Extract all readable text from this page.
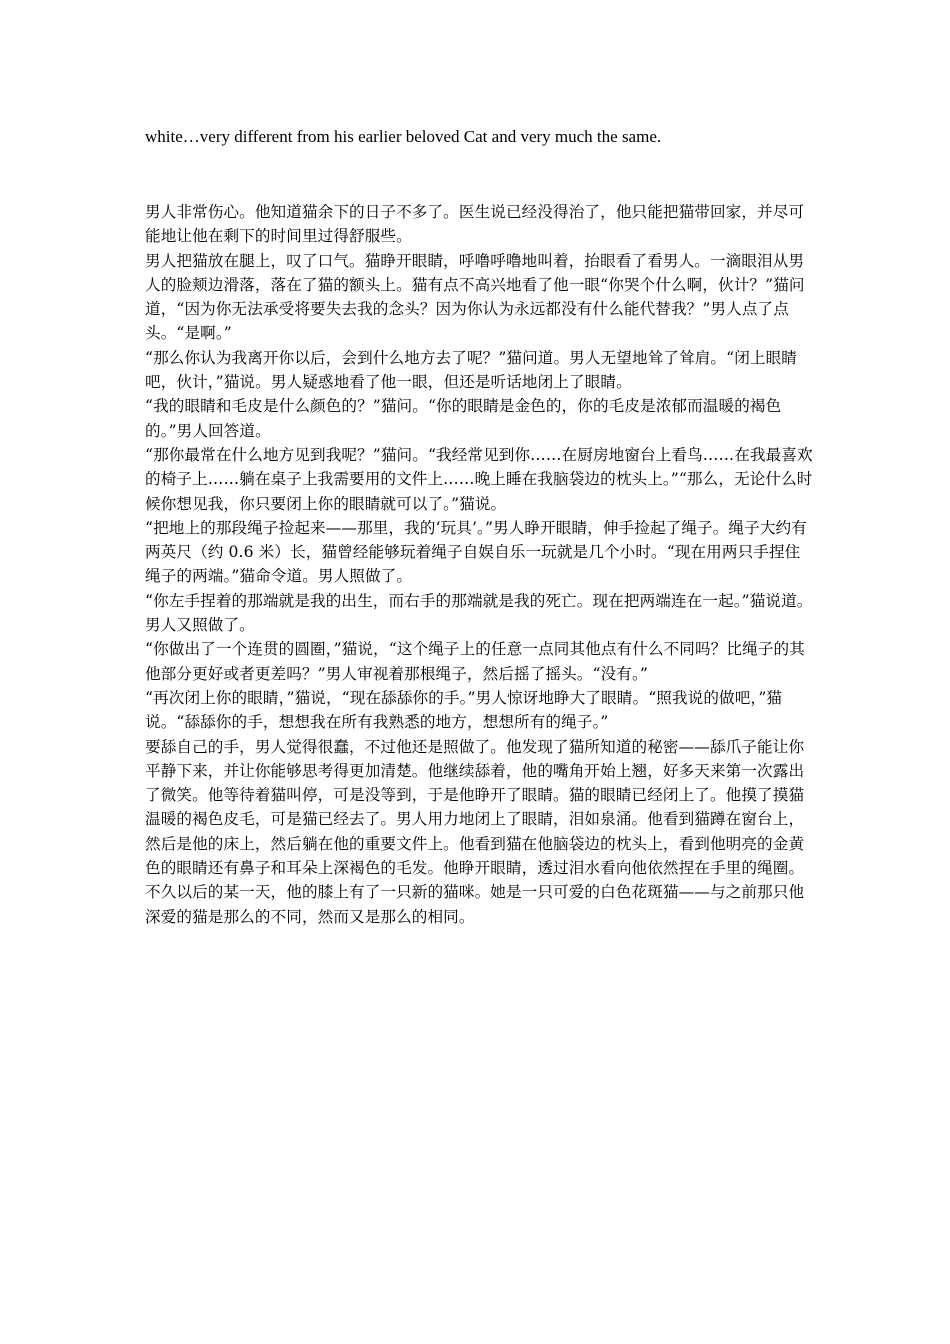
white…very different from his earlier beloved Cat and very much the same.

男人非常伤心。他知道猫余下的日子不多了。医生说已经没得治了，他只能把猫带回家，并尽可能地让他在剩下的时间里过得舒服些。

男人把猫放在腿上，叹了口气。猫睁开眼睛，呼噜呼噜地叫着，抬眼看了看男人。一滴眼泪从男人的脸颊边滑落，落在了猫的额头上。猫有点不高兴地看了他一眼“你哭个什么啊，伙计？”猫问道，“因为你无法承受将要失去我的念头？因为你认为永远都没有什么能代替我？”男人点了点头。“是啊。”

“那么你认为我离开你以后，会到什么地方去了呢？”猫问道。男人无望地耸了耸肩。“闭上眼睛吧，伙计，”猫说。男人疑惑地看了他一眼，但还是听话地闭上了眼睛。

“我的眼睛和毛皮是什么颜色的？”猫问。“你的眼睛是金色的，你的毛皮是浓郁而温暖的褐色的。”男人回答道。

“那你最常在什么地方见到我呢？”猫问。“我经常见到你……在厨房地窗台上看鸟……在我最喜欢的椅子上……躺在桌子上我需要用的文件上……晚上睡在我脑袋边的枕头上。”“那么，无论什么时候你想见我，你只要闭上你的眼睛就可以了。”猫说。

“把地上的那段绳子捡起来——那里，我的‘玩具’。”男人睁开眼睛，伸手捡起了绳子。绳子大约有两英尺（约 0.6 米）长，猫曾经能够玩着绳子自娱自乐一玩就是几个小时。“现在用两只手捏住绳子的两端。”猫命令道。男人照做了。

“你左手捏着的那端就是我的出生，而右手的那端就是我的死亡。现在把两端连在一起。”猫说道。男人又照做了。

“你做出了一个连贯的圆圈，”猫说，“这个绳子上的任意一点同其他点有什么不同吗？比绳子的其他部分更好或者更差吗？”男人审视着那根绳子，然后摇了摇头。“没有。”

“再次闭上你的眼睛，”猫说，“现在舔舔你的手。”男人惊讶地睁大了眼睛。“照我说的做吧，”猫说。“舔舔你的手，想想我在所有我熟悉的地方，想想所有的绳子。”

要舔自己的手，男人觉得很蠢，不过他还是照做了。他发现了猫所知道的秘密——舔爪子能让你平静下来，并让你能够思考得更加清楚。他继续舔着，他的嘴角开始上翘，好多天来第一次露出了微笑。他等待着猫叫停，可是没等到，于是他睁开了眼睛。猫的眼睛已经闭上了。他摸了摸猫温暖的褐色皮毛，可是猫已经去了。男人用力地闭上了眼睛，泪如泉涌。他看到猫蹲在窗台上，然后是他的床上，然后躺在他的重要文件上。他看到猫在他脑袋边的枕头上，看到他明亮的金黄色的眼睛还有鼻子和耳朵上深褐色的毛发。他睁开眼睛，透过泪水看向他依然捏在手里的绳圈。

不久以后的某一天，他的膝上有了一只新的猫咪。她是一只可爱的白色花斑猫——与之前那只他深爱的猫是那么的不同，然而又是那么的相同。
